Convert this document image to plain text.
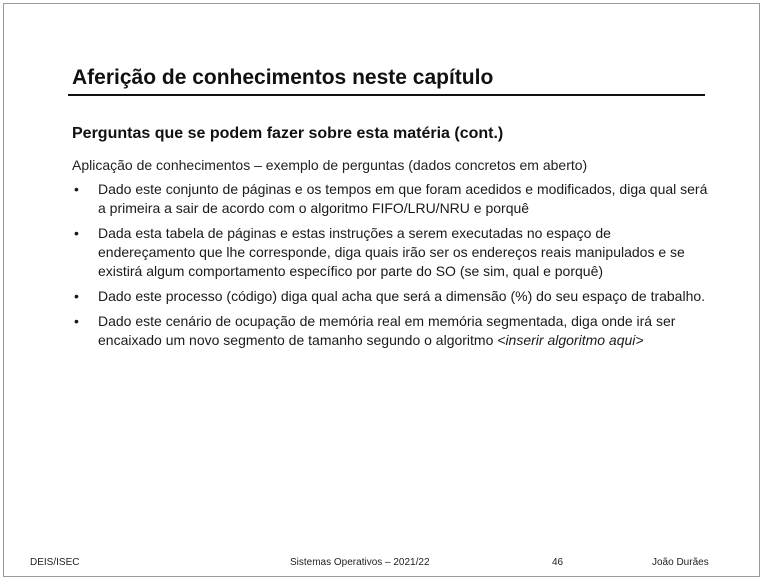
Aferição de conhecimentos neste capítulo
Perguntas que se podem fazer sobre esta matéria (cont.)
Aplicação de conhecimentos – exemplo de perguntas (dados concretos em aberto)
• Dado este conjunto de páginas e os tempos em que foram acedidos e modificados, diga qual será a primeira a sair de acordo com o algoritmo FIFO/LRU/NRU e porquê
• Dada esta tabela de páginas e estas instruções a serem executadas no espaço de endereçamento que lhe corresponde, diga quais irão ser os endereços reais manipulados e se existirá algum comportamento específico por parte do SO (se sim, qual e porquê)
• Dado este processo (código) diga qual acha que será a dimensão (%) do seu espaço de trabalho.
• Dado este cenário de ocupação de memória real em memória segmentada, diga onde irá ser encaixado um novo segmento de tamanho segundo o algoritmo <inserir algoritmo aqui>
DEIS/ISEC	Sistemas Operativos – 2021/22	46	João Durães
